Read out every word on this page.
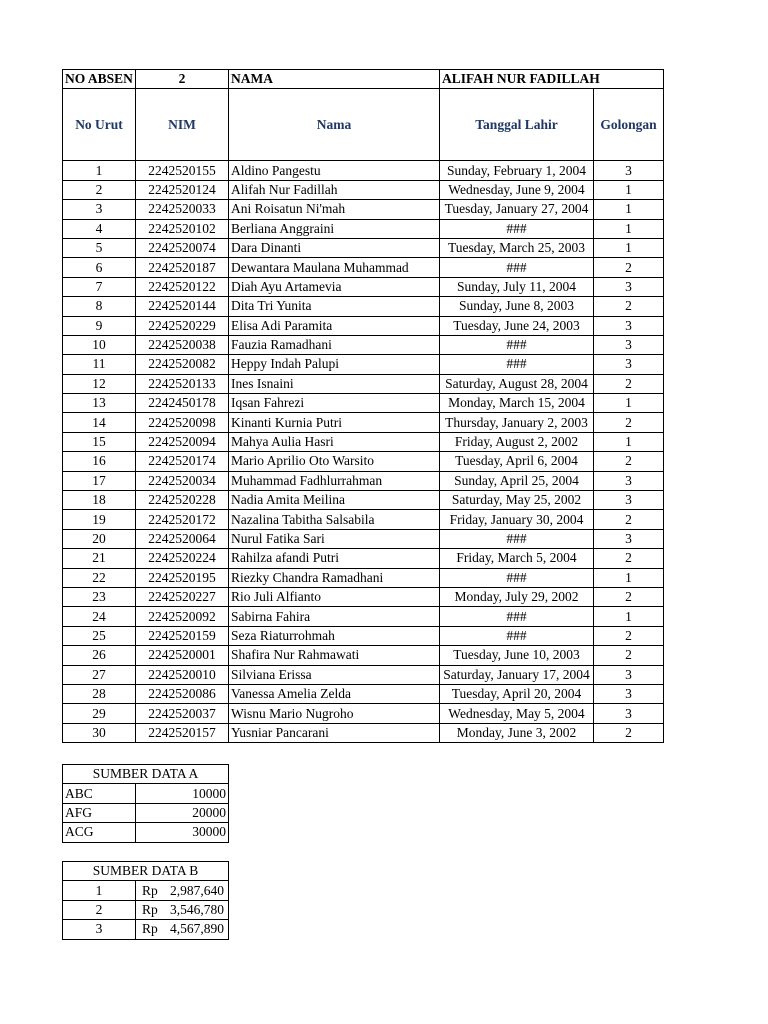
NO ABSEN	2	NAMA	ALIFAH NUR FADILLAH	
No Urut	NIM	Nama	Tanggal Lahir	Golongan
1	2242520155	Aldino Pangestu	Sunday, February 1, 2004	3
2	2242520124	Alifah Nur Fadillah	Wednesday, June 9, 2004	1
3	2242520033	Ani Roisatun Ni'mah	Tuesday, January 27, 2004	1
4	2242520102	Berliana Anggraini	###	1
5	2242520074	Dara Dinanti	Tuesday, March 25, 2003	1
6	2242520187	Dewantara Maulana Muhammad	###	2
7	2242520122	Diah Ayu Artamevia	Sunday, July 11, 2004	3
8	2242520144	Dita Tri Yunita	Sunday, June 8, 2003	2
9	2242520229	Elisa Adi Paramita	Tuesday, June 24, 2003	3
10	2242520038	Fauzia Ramadhani	###	3
11	2242520082	Heppy Indah Palupi	###	3
12	2242520133	Ines Isnaini	Saturday, August 28, 2004	2
13	2242450178	Iqsan Fahrezi	Monday, March 15, 2004	1
14	2242520098	Kinanti Kurnia Putri	Thursday, January 2, 2003	2
15	2242520094	Mahya Aulia Hasri	Friday, August 2, 2002	1
16	2242520174	Mario Aprilio Oto Warsito	Tuesday, April 6, 2004	2
17	2242520034	Muhammad Fadhlurrahman	Sunday, April 25, 2004	3
18	2242520228	Nadia Amita Meilina	Saturday, May 25, 2002	3
19	2242520172	Nazalina Tabitha Salsabila	Friday, January 30, 2004	2
20	2242520064	Nurul Fatika Sari	###	3
21	2242520224	Rahilza afandi Putri	Friday, March 5, 2004	2
22	2242520195	Riezky Chandra Ramadhani	###	1
23	2242520227	Rio Juli Alfianto	Monday, July 29, 2002	2
24	2242520092	Sabirna Fahira	###	1
25	2242520159	Seza Riaturrohmah	###	2
26	2242520001	Shafira Nur Rahmawati	Tuesday, June 10, 2003	2
27	2242520010	Silviana Erissa	Saturday, January 17, 2004	3
28	2242520086	Vanessa Amelia Zelda	Tuesday, April 20, 2004	3
29	2242520037	Wisnu Mario Nugroho	Wednesday, May 5, 2004	3
30	2242520157	Yusniar Pancarani	Monday, June 3, 2002	2
SUMBER DATA A	
ABC	10000
AFG	20000
ACG	30000
SUMBER DATA B	
1	Rp 2,987,640

2	Rp 3,546,780

3	Rp 4,567,890
